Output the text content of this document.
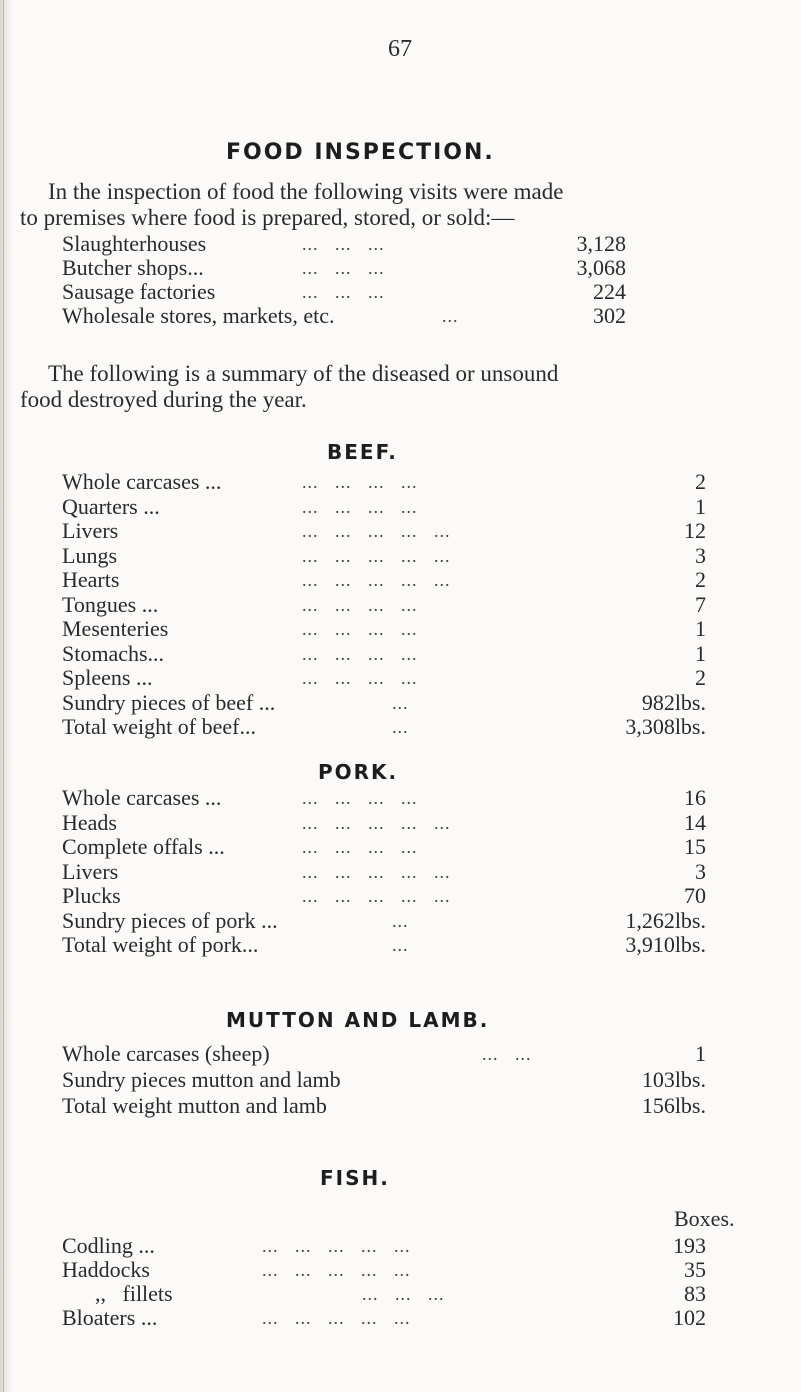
67
FOOD INSPECTION.
In the inspection of food the following visits were made
to premises where food is prepared, stored, or sold:—
Slaughterhouses	...   ...   ...	3,128
Butcher shops...	...   ...   ...	3,068
Sausage factories	...   ...   ...	224
Wholesale stores, markets, etc.	...	302
The following is a summary of the diseased or unsound
food destroyed during the year.
BEEF.
Whole carcases ...	...   ...   ...   ...	2
Quarters ...	...   ...   ...   ...	1
Livers	...   ...   ...   ...   ...	12
Lungs	...   ...   ...   ...   ...	3
Hearts	...   ...   ...   ...   ...	2
Tongues ...	...   ...   ...   ...	7
Mesenteries	...   ...   ...   ...	1
Stomachs...	...   ...   ...   ...	1
Spleens ...	...   ...   ...   ...	2
Sundry pieces of beef ...	...	982lbs.
Total weight of beef...	...	3,308lbs.
PORK.
Whole carcases ...	...   ...   ...   ...	16
Heads	...   ...   ...   ...   ...	14
Complete offals ...	...   ...   ...   ...	15
Livers	...   ...   ...   ...   ...	3
Plucks	...   ...   ...   ...   ...	70
Sundry pieces of pork ...	...	1,262lbs.
Total weight of pork...	...	3,910lbs.
MUTTON AND LAMB.
Whole carcases (sheep)	...   ...	1
Sundry pieces mutton and lamb	103lbs.
Total weight mutton and lamb	156lbs.
FISH.
Boxes.
Codling ...	...   ...   ...   ...   ...	193
Haddocks	...   ...   ...   ...   ...	35
,,   fillets	...   ...   ...	83
Bloaters ...	...   ...   ...   ...   ...	102
